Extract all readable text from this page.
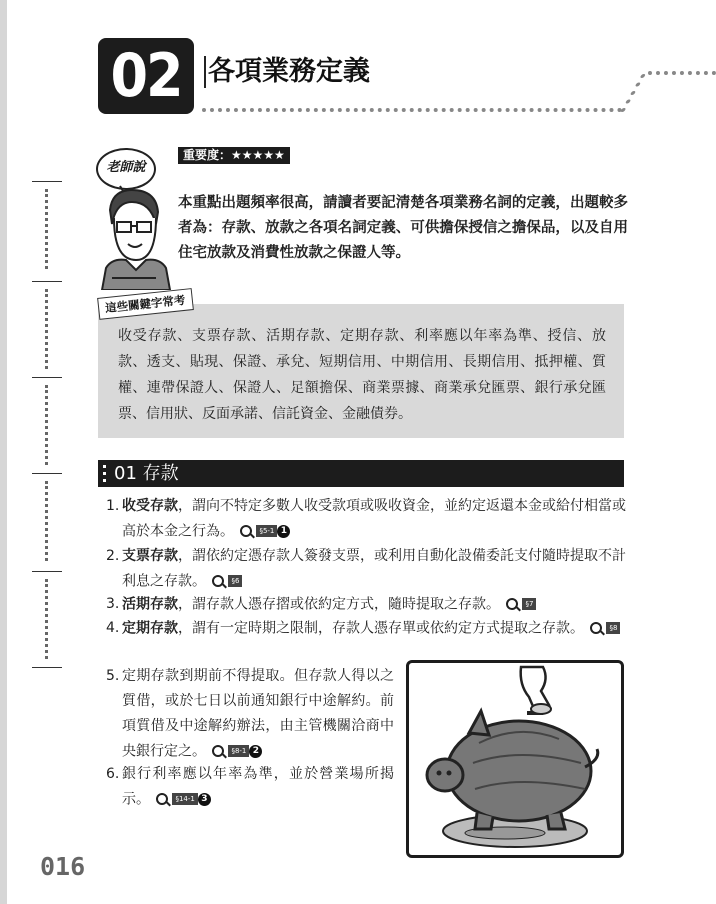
02 各項業務定義
老師說
重要度：★★★★★
本重點出題頻率很高，請讀者要記清楚各項業務名詞的定義，出題較多者為：存款、放款之各項名詞定義、可供擔保授信之擔保品，以及自用住宅放款及消費性放款之保證人等。
這些關鍵字常考
收受存款、支票存款、活期存款、定期存款、利率應以年率為準、授信、放款、透支、貼現、保證、承兌、短期信用、中期信用、長期信用、抵押權、質權、連帶保證人、保證人、足額擔保、商業票據、商業承兌匯票、銀行承兌匯票、信用狀、反面承諾、信託資金、金融債券。
01 存款
1. 收受存款，謂向不特定多數人收受款項或吸收資金，並約定返還本金或給付相當或高於本金之行為。	§5-1 1
2. 支票存款，謂依約定憑存款人簽發支票，或利用自動化設備委託支付隨時提取不計利息之存款。	§6
3. 活期存款，謂存款人憑存摺或依約定方式，隨時提取之存款。	§7
4. 定期存款，謂有一定時期之限制，存款人憑存單或依約定方式提取之存款。	§8
5. 定期存款到期前不得提取。但存款人得以之質借，或於七日以前通知銀行中途解約。前項質借及中途解約辦法，由主管機關洽商中央銀行定之。	§8-1 2
6. 銀行利率應以年率為準，並於營業場所揭示。	§14-1 3
016
